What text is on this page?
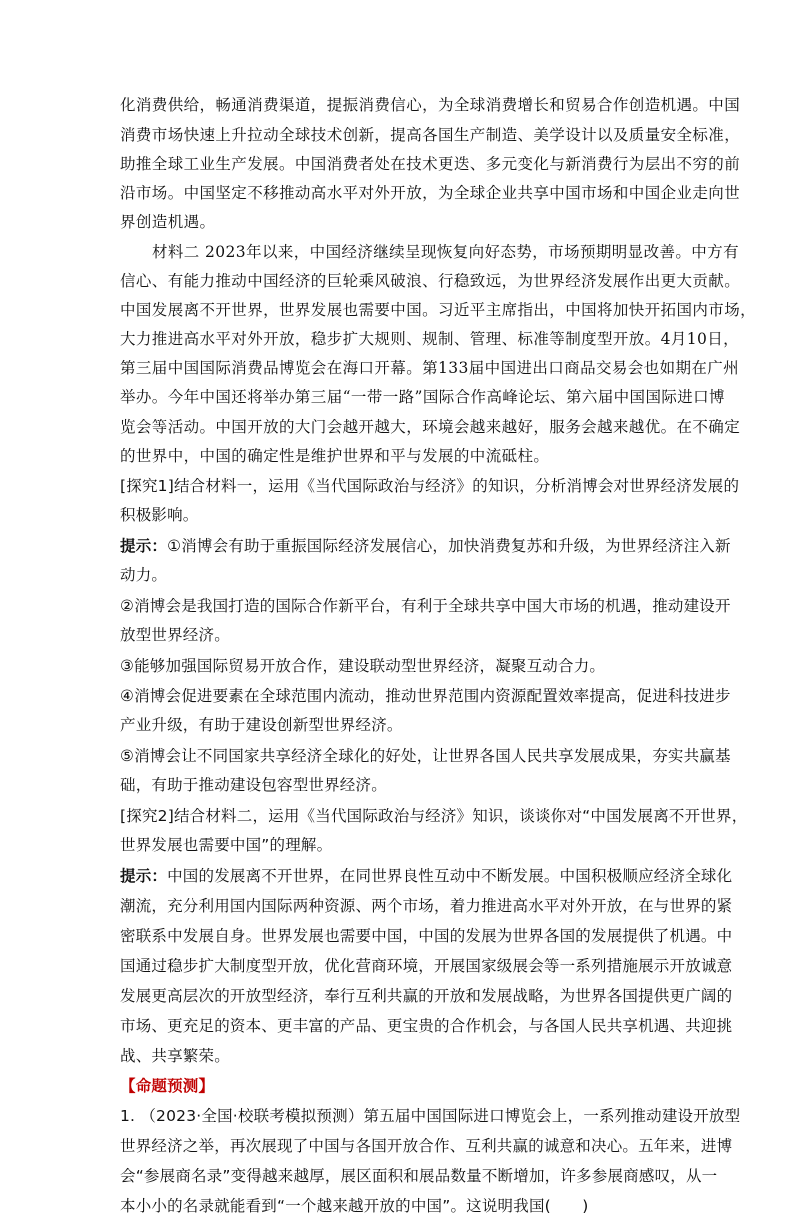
化消费供给，畅通消费渠道，提振消费信心，为全球消费增长和贸易合作创造机遇。中国
消费市场快速上升拉动全球技术创新，提高各国生产制造、美学设计以及质量安全标准，
助推全球工业生产发展。中国消费者处在技术更迭、多元变化与新消费行为层出不穷的前
沿市场。中国坚定不移推动高水平对外开放，为全球企业共享中国市场和中国企业走向世
界创造机遇。
材料二 2023年以来，中国经济继续呈现恢复向好态势，市场预期明显改善。中方有
信心、有能力推动中国经济的巨轮乘风破浪、行稳致远，为世界经济发展作出更大贡献。
中国发展离不开世界，世界发展也需要中国。习近平主席指出，中国将加快开拓国内市场，
大力推进高水平对外开放，稳步扩大规则、规制、管理、标准等制度型开放。4月10日，
第三届中国国际消费品博览会在海口开幕。第133届中国进出口商品交易会也如期在广州
举办。今年中国还将举办第三届“一带一路”国际合作高峰论坛、第六届中国国际进口博
览会等活动。中国开放的大门会越开越大，环境会越来越好，服务会越来越优。在不确定
的世界中，中国的确定性是维护世界和平与发展的中流砥柱。
[探究1]结合材料一，运用《当代国际政治与经济》的知识，分析消博会对世界经济发展的
积极影响。
提示：①消博会有助于重振国际经济发展信心，加快消费复苏和升级，为世界经济注入新
动力。
②消博会是我国打造的国际合作新平台，有利于全球共享中国大市场的机遇，推动建设开
放型世界经济。
③能够加强国际贸易开放合作，建设联动型世界经济，凝聚互动合力。
④消博会促进要素在全球范围内流动，推动世界范围内资源配置效率提高，促进科技进步
产业升级，有助于建设创新型世界经济。
⑤消博会让不同国家共享经济全球化的好处，让世界各国人民共享发展成果，夯实共赢基
础，有助于推动建设包容型世界经济。
[探究2]结合材料二，运用《当代国际政治与经济》知识，谈谈你对“中国发展离不开世界，
世界发展也需要中国”的理解。
提示：中国的发展离不开世界，在同世界良性互动中不断发展。中国积极顺应经济全球化
潮流，充分利用国内国际两种资源、两个市场，着力推进高水平对外开放，在与世界的紧
密联系中发展自身。世界发展也需要中国，中国的发展为世界各国的发展提供了机遇。中
国通过稳步扩大制度型开放，优化营商环境，开展国家级展会等一系列措施展示开放诚意
发展更高层次的开放型经济，奉行互利共赢的开放和发展战略，为世界各国提供更广阔的
市场、更充足的资本、更丰富的产品、更宝贵的合作机会，与各国人民共享机遇、共迎挑
战、共享繁荣。
【命题预测】
1. （2023·全国·校联考模拟预测）第五届中国国际进口博览会上，一系列推动建设开放型
世界经济之举，再次展现了中国与各国开放合作、互利共赢的诚意和决心。五年来，进博
会“参展商名录”变得越来越厚，展区面积和展品数量不断增加，许多参展商感叹，从一
本小小的名录就能看到“一个越来越开放的中国”。这说明我国(　　)
